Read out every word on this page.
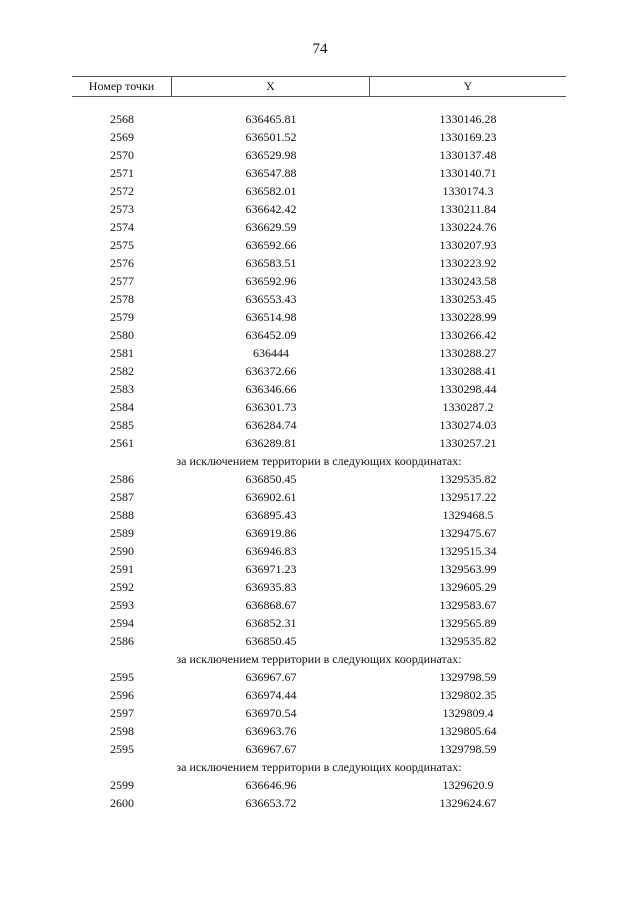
74
Номер точки	X	Y
2568	636465.81	1330146.28
2569	636501.52	1330169.23
2570	636529.98	1330137.48
2571	636547.88	1330140.71
2572	636582.01	1330174.3
2573	636642.42	1330211.84
2574	636629.59	1330224.76
2575	636592.66	1330207.93
2576	636583.51	1330223.92
2577	636592.96	1330243.58
2578	636553.43	1330253.45
2579	636514.98	1330228.99
2580	636452.09	1330266.42
2581	636444	1330288.27
2582	636372.66	1330288.41
2583	636346.66	1330298.44
2584	636301.73	1330287.2
2585	636284.74	1330274.03
2561	636289.81	1330257.21
за исключением территории в следующих координатах:
2586	636850.45	1329535.82
2587	636902.61	1329517.22
2588	636895.43	1329468.5
2589	636919.86	1329475.67
2590	636946.83	1329515.34
2591	636971.23	1329563.99
2592	636935.83	1329605.29
2593	636868.67	1329583.67
2594	636852.31	1329565.89
2586	636850.45	1329535.82
за исключением территории в следующих координатах:
2595	636967.67	1329798.59
2596	636974.44	1329802.35
2597	636970.54	1329809.4
2598	636963.76	1329805.64
2595	636967.67	1329798.59
за исключением территории в следующих координатах:
2599	636646.96	1329620.9
2600	636653.72	1329624.67
